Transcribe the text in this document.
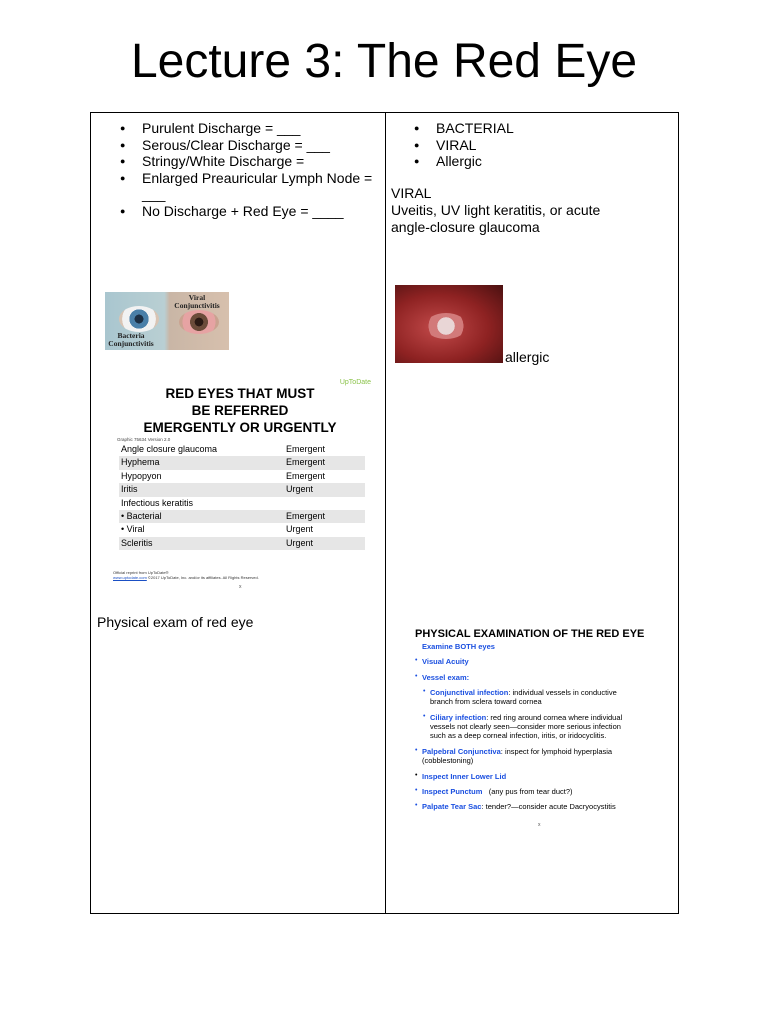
Lecture 3: The Red Eye
● Purulent Discharge = ___
● Serous/Clear Discharge = ___
● Stringy/White Discharge =
● Enlarged Preauricular Lymph Node = ___
● No Discharge + Red Eye = ____
Viral Conjunctivitis
Bacteria Conjunctivitis
UpToDate
RED EYES THAT MUST
BE REFERRED
EMERGENTLY OR URGENTLY
Graphic 75634 Version 2.0
Angle closure glaucoma	Emergent
Hyphema	Emergent
Hypopyon	Emergent
Iritis	Urgent
Infectious keratitis
• Bacterial	Emergent
• Viral	Urgent
Scleritis	Urgent
Official reprint from UpToDate®
www.uptodate.com ©2017 UpToDate, Inc. and/or its affiliates. All Rights Reserved.
x
Physical exam of red eye
● BACTERIAL
● VIRAL
● Allergic
VIRAL
Uveitis, UV light keratitis, or acute angle-closure glaucoma
allergic
PHYSICAL EXAMINATION OF THE RED EYE
Examine BOTH eyes
• Visual Acuity
• Vessel exam:
• Conjunctival infection: individual vessels in conductive
branch from sclera toward cornea
• Ciliary infection: red ring around cornea where individual
vessels not clearly seen—consider more serious infection
such as a deep corneal infection, iritis, or iridocyclitis.
• Palpebral Conjunctiva: inspect for lymphoid hyperplasia
(cobblestoning)
• Inspect Inner Lower Lid
• Inspect Punctum (any pus from tear duct?)
• Palpate Tear Sac: tender?—consider acute Dacryocystitis
x
